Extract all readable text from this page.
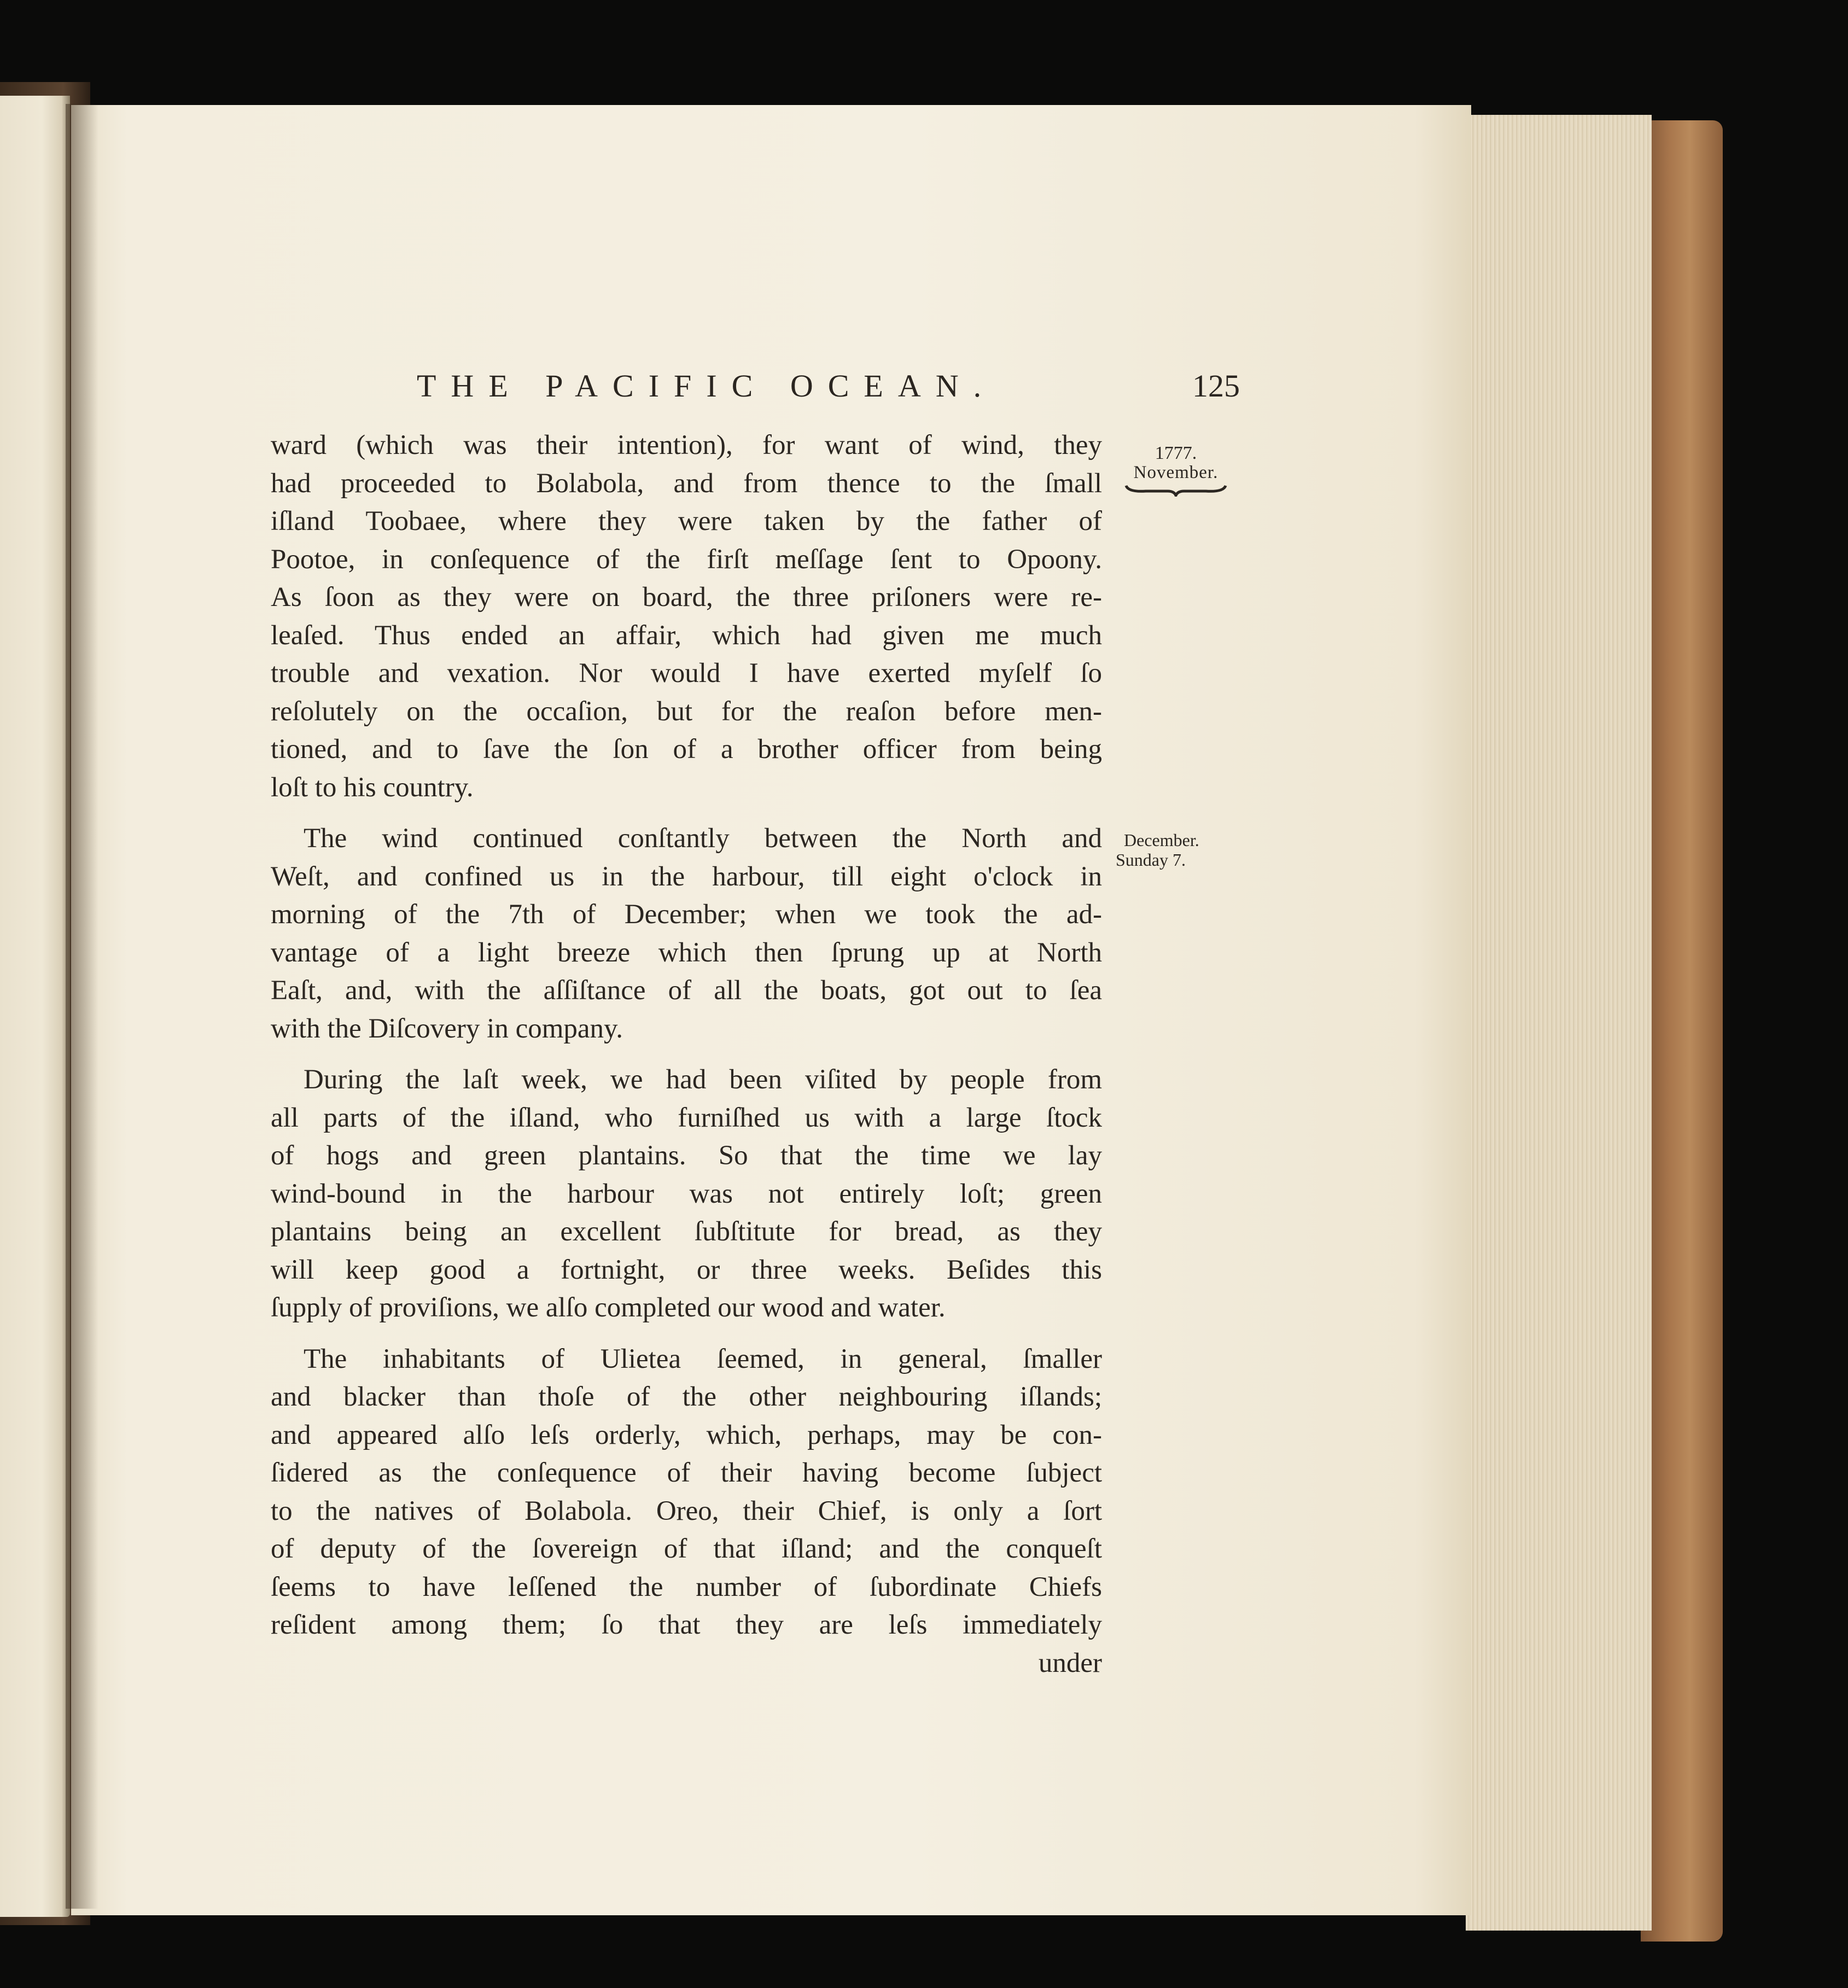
THE PACIFIC OCEAN.	125
1777.
November.
December.
Sunday 7.

ward (which was their intention), for want of wind, they
had proceeded to Bolabola, and from thence to the ſmall
iſland Toobaee, where they were taken by the father of
Pootoe, in conſequence of the firſt meſſage ſent to Opoony.
As ſoon as they were on board, the three priſoners were re-
leaſed. Thus ended an affair, which had given me much
trouble and vexation. Nor would I have exerted myſelf ſo
reſolutely on the occaſion, but for the reaſon before men-
tioned, and to ſave the ſon of a brother officer from being
loſt to his country.

The wind continued conſtantly between the North and
Weſt, and confined us in the harbour, till eight o'clock in
morning of the 7th of December; when we took the ad-
vantage of a light breeze which then ſprung up at North
Eaſt, and, with the aſſiſtance of all the boats, got out to ſea
with the Diſcovery in company.

During the laſt week, we had been viſited by people from
all parts of the iſland, who furniſhed us with a large ſtock
of hogs and green plantains. So that the time we lay
wind-bound in the harbour was not entirely loſt; green
plantains being an excellent ſubſtitute for bread, as they
will keep good a fortnight, or three weeks. Beſides this
ſupply of proviſions, we alſo completed our wood and water.

The inhabitants of Ulietea ſeemed, in general, ſmaller
and blacker than thoſe of the other neighbouring iſlands;
and appeared alſo leſs orderly, which, perhaps, may be con-
ſidered as the conſequence of their having become ſubject
to the natives of Bolabola. Oreo, their Chief, is only a ſort
of deputy of the ſovereign of that iſland; and the conqueſt
ſeems to have leſſened the number of ſubordinate Chiefs
reſident among them; ſo that they are leſs immediately

under
